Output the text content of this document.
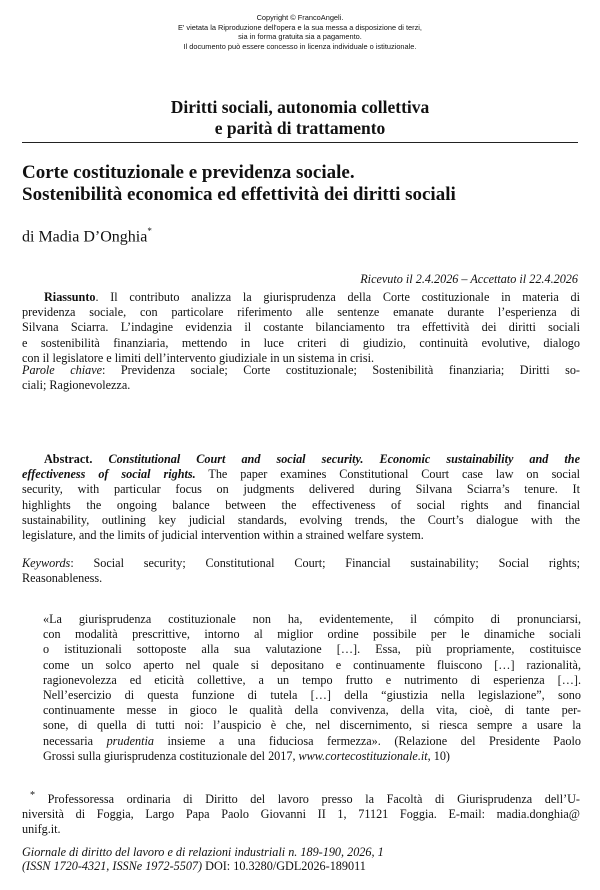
Copyright © FrancoAngeli.
E' vietata la Riproduzione dell'opera e la sua messa a disposizione di terzi,
sia in forma gratuita sia a pagamento.
Il documento può essere concesso in licenza individuale o istituzionale.
Diritti sociali, autonomia collettiva
e parità di trattamento
Corte costituzionale e previdenza sociale.
Sostenibilità economica ed effettività dei diritti sociali
di Madia D’Onghia*
Ricevuto il 2.4.2026 – Accettato il 22.4.2026
Riassunto. Il contributo analizza la giurisprudenza della Corte costituzionale in materia di
previdenza sociale, con particolare riferimento alle sentenze emanate durante l’esperienza di
Silvana Sciarra. L’indagine evidenzia il costante bilanciamento tra effettività dei diritti sociali
e sostenibilità finanziaria, mettendo in luce criteri di giudizio, continuità evolutive, dialogo
con il legislatore e limiti dell’intervento giudiziale in un sistema in crisi.
Parole chiave: Previdenza sociale; Corte costituzionale; Sostenibilità finanziaria; Diritti so-
ciali; Ragionevolezza.
Abstract. Constitutional Court and social security. Economic sustainability and the
effectiveness of social rights. The paper examines Constitutional Court case law on social
security, with particular focus on judgments delivered during Silvana Sciarra’s tenure. It
highlights the ongoing balance between the effectiveness of social rights and financial
sustainability, outlining key judicial standards, evolving trends, the Court’s dialogue with the
legislature, and the limits of judicial intervention within a strained welfare system.
Keywords: Social security; Constitutional Court; Financial sustainability; Social rights;
Reasonableness.
«La giurisprudenza costituzionale non ha, evidentemente, il cómpito di pronunciarsi,
con modalità prescrittive, intorno al miglior ordine possibile per le dinamiche sociali
o istituzionali sottoposte alla sua valutazione […]. Essa, più propriamente, costituisce
come un solco aperto nel quale si depositano e continuamente fluiscono […] razionalità,
ragionevolezza ed eticità collettive, a un tempo frutto e nutrimento di esperienza […].
Nell’esercizio di questa funzione di tutela […] della “giustizia nella legislazione”, sono
continuamente messe in gioco le qualità della convivenza, della vita, cioè, di tante per-
sone, di quella di tutti noi: l’auspicio è che, nel discernimento, si riesca sempre a usare la
necessaria prudentia insieme a una fiduciosa fermezza». (Relazione del Presidente Paolo
Grossi sulla giurisprudenza costituzionale del 2017, www.cortecostituzionale.it, 10)
* Professoressa ordinaria di Diritto del lavoro presso la Facoltà di Giurisprudenza dell’U-
niversità di Foggia, Largo Papa Paolo Giovanni II 1, 71121 Foggia. E-mail: madia.donghia@
unifg.it.
Giornale di diritto del lavoro e di relazioni industriali n. 189-190, 2026, 1
(ISSN 1720-4321, ISSNe 1972-5507) DOI: 10.3280/GDL2026-189011
